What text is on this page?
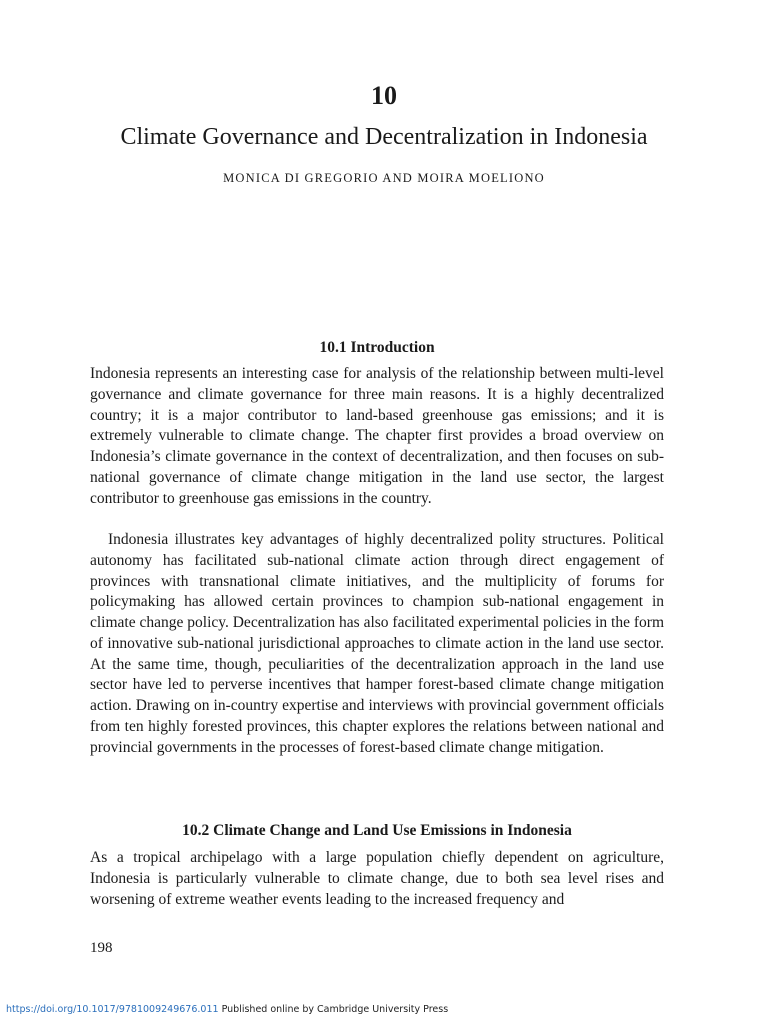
10
Climate Governance and Decentralization in Indonesia
MONICA DI GREGORIO AND MOIRA MOELIONO
10.1 Introduction

Indonesia represents an interesting case for analysis of the relationship between multi-level governance and climate governance for three main reasons. It is a highly decentralized country; it is a major contributor to land-based greenhouse gas emissions; and it is extremely vulnerable to climate change. The chapter first provides a broad overview on Indonesia’s climate governance in the context of decentralization, and then focuses on sub-national governance of climate change mitigation in the land use sector, the largest contributor to greenhouse gas emissions in the country.

Indonesia illustrates key advantages of highly decentralized polity structures. Political autonomy has facilitated sub-national climate action through direct engagement of provinces with transnational climate initiatives, and the multiplicity of forums for policymaking has allowed certain provinces to champion sub-national engagement in climate change policy. Decentralization has also facilitated experimental policies in the form of innovative sub-national jurisdictional approaches to climate action in the land use sector. At the same time, though, peculiarities of the decentralization approach in the land use sector have led to perverse incentives that hamper forest-based climate change mitigation action. Drawing on in-country expertise and interviews with provincial government officials from ten highly forested provinces, this chapter explores the relations between national and provincial governments in the processes of forest-based climate change mitigation.

10.2 Climate Change and Land Use Emissions in Indonesia

As a tropical archipelago with a large population chiefly dependent on agriculture, Indonesia is particularly vulnerable to climate change, due to both sea level rises and worsening of extreme weather events leading to the increased frequency and

198
https://doi.org/10.1017/9781009249676.011 Published online by Cambridge University Press
